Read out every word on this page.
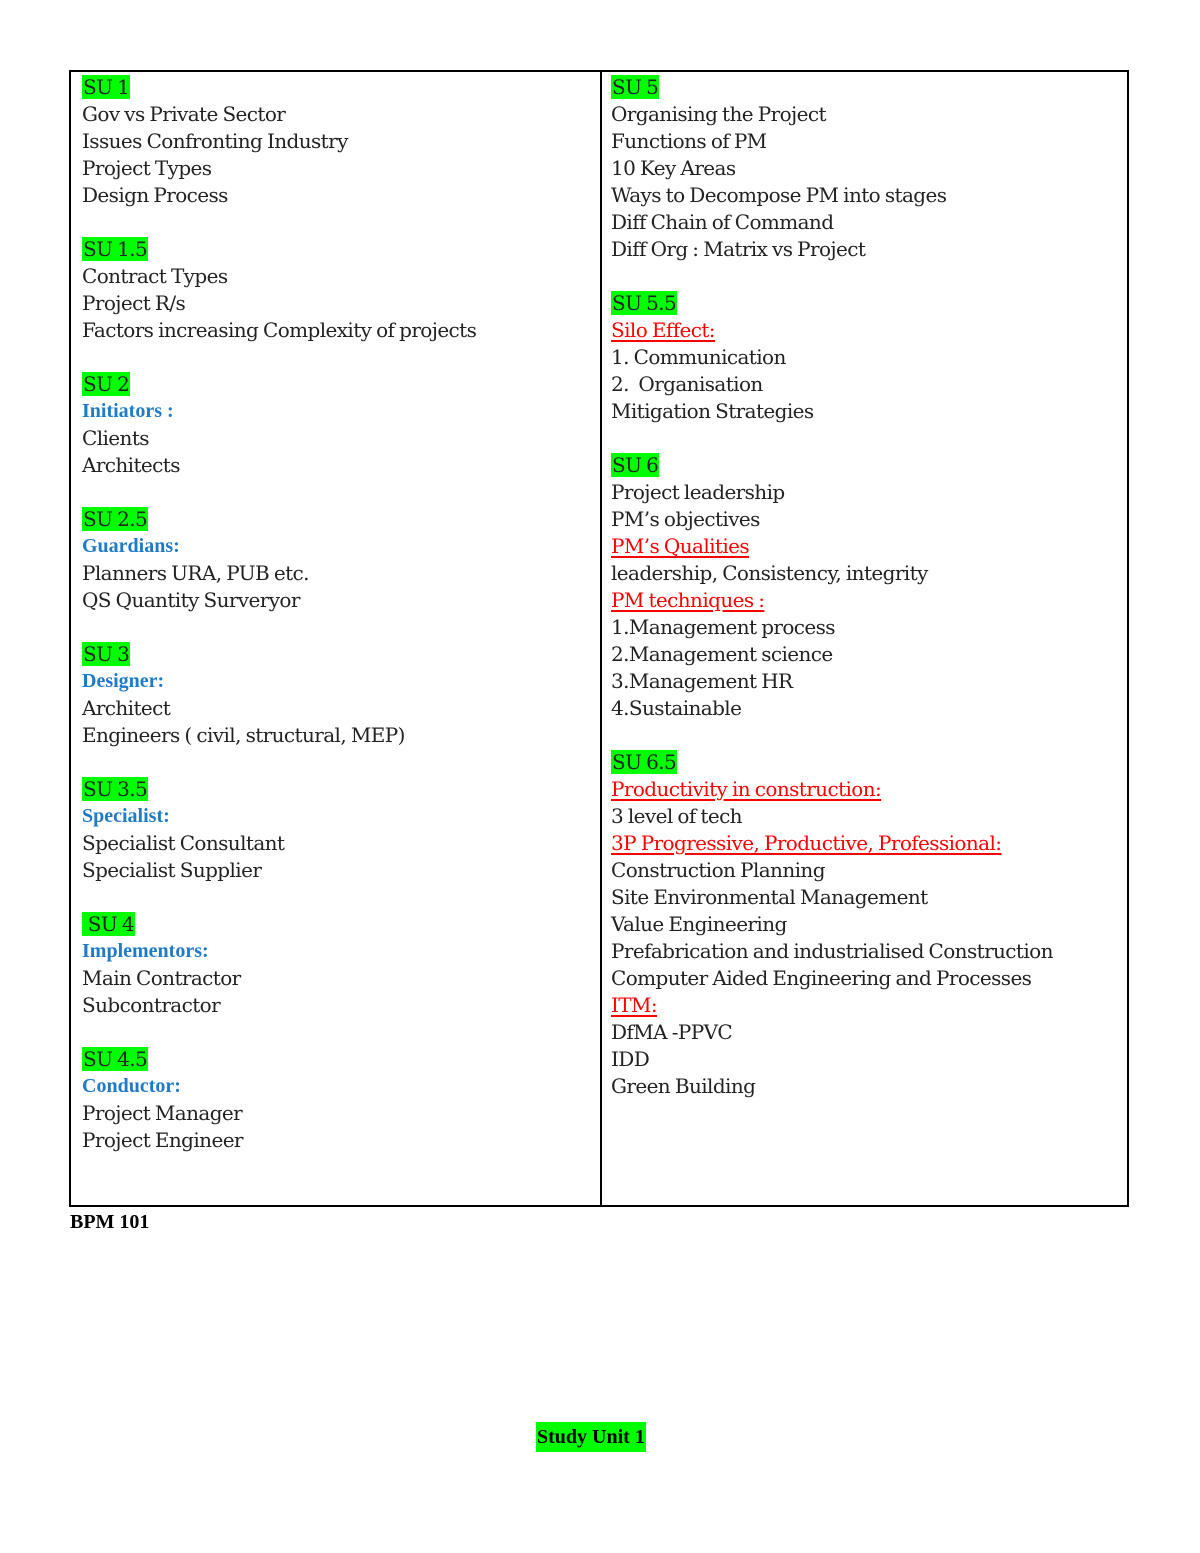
SU 1
Gov vs Private Sector
Issues Confronting Industry
Project Types
Design Process
SU 1.5
Contract Types
Project R/s
Factors increasing Complexity of projects
SU 2
Initiators :
Clients
Architects
SU 2.5
Guardians:
Planners URA, PUB etc.
QS Quantity Surveryor
SU 3
Designer:
Architect
Engineers ( civil, structural, MEP)
SU 3.5
Specialist:
Specialist Consultant
Specialist Supplier
SU 4
Implementors:
Main Contractor
Subcontractor
SU 4.5
Conductor:
Project Manager
Project Engineer
SU 5
Organising the Project
Functions of PM
10 Key Areas
Ways to Decompose PM into stages
Diff Chain of Command
Diff Org : Matrix vs Project
SU 5.5
Silo Effect:
1. Communication
2.  Organisation
Mitigation Strategies
SU 6
Project leadership
PM’s objectives
PM’s Qualities
leadership, Consistency, integrity
PM techniques :
1.Management process
2.Management science
3.Management HR
4.Sustainable
SU 6.5
Productivity in construction:
3 level of tech
3P Progressive, Productive, Professional:
Construction Planning
Site Environmental Management
Value Engineering
Prefabrication and industrialised Construction
Computer Aided Engineering and Processes
ITM:
DfMA -PPVC
IDD
Green Building
BPM 101
Study Unit 1
